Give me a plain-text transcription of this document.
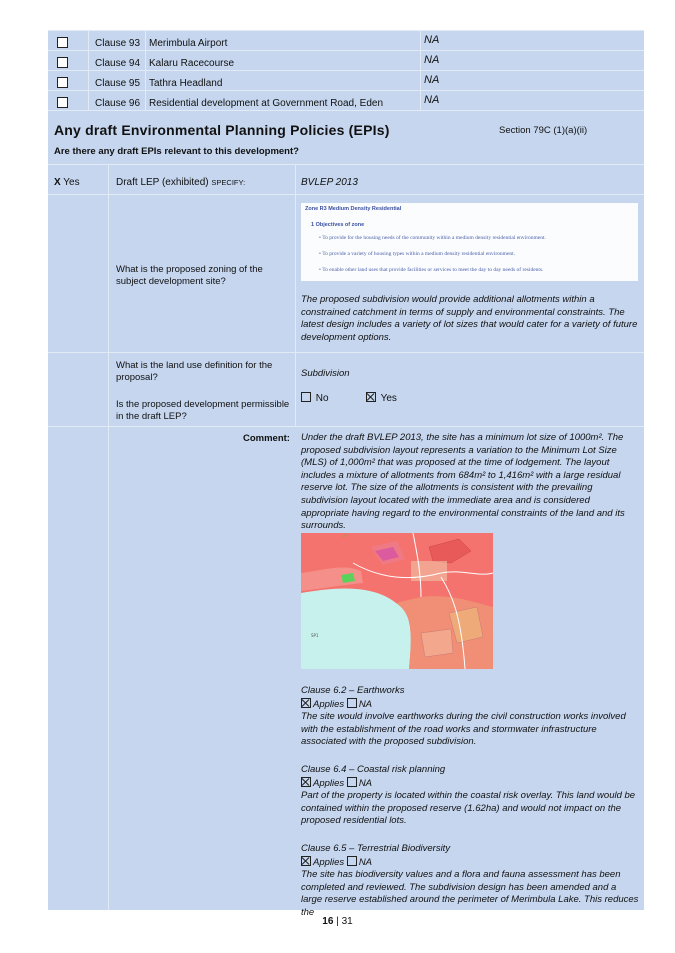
Clause 93 Merimbula Airport	NA
Clause 94 Kalaru Racecourse	NA
Clause 95 Tathra Headland	NA
Clause 96 Residential development at Government Road, Eden	NA
Any draft Environmental Planning Policies (EPIs)	Section 79C (1)(a)(ii)
Are there any draft EPIs relevant to this development?
X Yes	Draft LEP (exhibited) SPECIFY:	BVLEP 2013
Zone R3 Medium Density Residential
1 Objectives of zone
• To provide for the housing needs of the community within a medium density residential environment.
• To provide a variety of housing types within a medium density residential environment.
• To enable other land uses that provide facilities or services to meet the day to day needs of residents.
What is the proposed zoning of the subject development site?
The proposed subdivision would provide additional allotments within a constrained catchment in terms of supply and environmental constraints. The latest design includes a variety of lot sizes that would cater for a variety of future development options.
What is the land use definition for the proposal?	Subdivision
Is the proposed development permissible in the draft LEP?
No	Yes
Comment: Under the draft BVLEP 2013, the site has a minimum lot size of 1000m². The proposed subdivision layout represents a variation to the Minimum Lot Size (MLS) of 1,000m² that was proposed at the time of lodgement. The layout includes a mixture of allotments from 684m² to 1,416m² with a large residual reserve lot. The size of the allotments is consistent with the prevailing subdivision layout located with the immediate area and is considered appropriate having regard to the environmental constraints of the land and its surrounds.
SP1
Clause 6.2 – Earthworks
Applies NA
The site would involve earthworks during the civil construction works involved with the establishment of the road works and stormwater infrastructure associated with the proposed subdivision.
Clause 6.4 – Coastal risk planning
Applies NA
Part of the property is located within the coastal risk overlay. This land would be contained within the proposed reserve (1.62ha) and would not impact on the proposed residential lots.
Clause 6.5 – Terrestrial Biodiversity
Applies NA
The site has biodiversity values and a flora and fauna assessment has been completed and reviewed. The subdivision design has been amended and a large reserve established around the perimeter of Merimbula Lake. This reduces the
16 | 31
